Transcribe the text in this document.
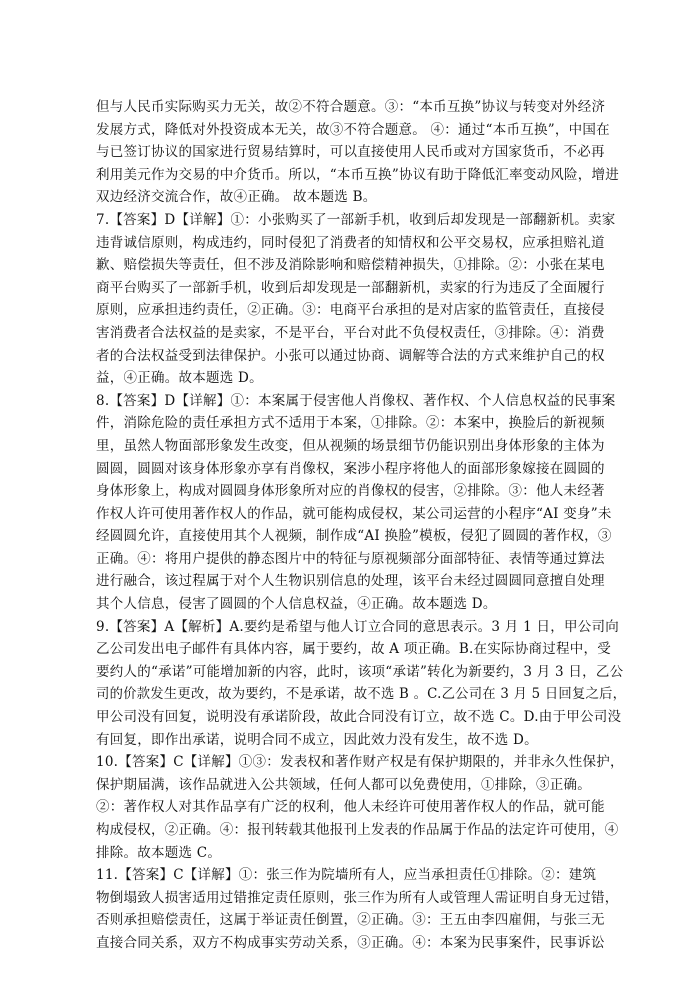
但与人民币实际购买力无关，故②不符合题意。③：“本币互换”协议与转变对外经济
发展方式，降低对外投资成本无关，故③不符合题意。 ④：通过“本币互换”，中国在
与已签订协议的国家进行贸易结算时，可以直接使用人民币或对方国家货币，不必再
利用美元作为交易的中介货币。所以，“本币互换”协议有助于降低汇率变动风险，增进
双边经济交流合作，故④正确。 故本题选 B。
7.【答案】D【详解】①：小张购买了一部新手机，收到后却发现是一部翻新机。卖家
违背诚信原则，构成违约，同时侵犯了消费者的知情权和公平交易权，应承担赔礼道
歉、赔偿损失等责任，但不涉及消除影响和赔偿精神损失，①排除。②：小张在某电
商平台购买了一部新手机，收到后却发现是一部翻新机，卖家的行为违反了全面履行
原则，应承担违约责任，②正确。③：电商平台承担的是对店家的监管责任，直接侵
害消费者合法权益的是卖家，不是平台，平台对此不负侵权责任，③排除。④：消费
者的合法权益受到法律保护。小张可以通过协商、调解等合法的方式来维护自己的权
益，④正确。故本题选 D。
8.【答案】D【详解】①：本案属于侵害他人肖像权、著作权、个人信息权益的民事案
件，消除危险的责任承担方式不适用于本案，①排除。②：本案中，换脸后的新视频
里，虽然人物面部形象发生改变，但从视频的场景细节仍能识别出身体形象的主体为
圆圆，圆圆对该身体形象亦享有肖像权，案涉小程序将他人的面部形象嫁接在圆圆的
身体形象上，构成对圆圆身体形象所对应的肖像权的侵害，②排除。③：他人未经著
作权人许可使用著作权人的作品，就可能构成侵权，某公司运营的小程序“AI 变身”未
经圆圆允许，直接使用其个人视频，制作成“AI 换脸”模板，侵犯了圆圆的著作权，③
正确。④：将用户提供的静态图片中的特征与原视频部分面部特征、表情等通过算法
进行融合，该过程属于对个人生物识别信息的处理，该平台未经过圆圆同意擅自处理
其个人信息，侵害了圆圆的个人信息权益，④正确。故本题选 D。
9.【答案】A【解析】A.要约是希望与他人订立合同的意思表示。3 月 1 日，甲公司向
乙公司发出电子邮件有具体内容，属于要约，故 A 项正确。B.在实际协商过程中，受
要约人的“承诺”可能增加新的内容，此时，该项“承诺”转化为新要约，3 月 3 日，乙公
司的价款发生更改，故为要约，不是承诺，故不选 B 。C.乙公司在 3 月 5 日回复之后，
甲公司没有回复，说明没有承诺阶段，故此合同没有订立，故不选 C。D.由于甲公司没
有回复，即作出承诺，说明合同不成立，因此效力没有发生，故不选 D。
10.【答案】C【详解】①③：发表权和著作财产权是有保护期限的，并非永久性保护，
保护期届满，该作品就进入公共领域，任何人都可以免费使用，①排除，③正确。
②：著作权人对其作品享有广泛的权利，他人未经许可使用著作权人的作品，就可能
构成侵权，②正确。④：报刊转载其他报刊上发表的作品属于作品的法定许可使用，④
排除。故本题选 C。
11.【答案】C【详解】①：张三作为院墙所有人，应当承担责任①排除。②：建筑
物倒塌致人损害适用过错推定责任原则，张三作为所有人或管理人需证明自身无过错，
否则承担赔偿责任，这属于举证责任倒置，②正确。③：王五由李四雇佣，与张三无
直接合同关系，双方不构成事实劳动关系，③正确。④：本案为民事案件，民事诉讼
